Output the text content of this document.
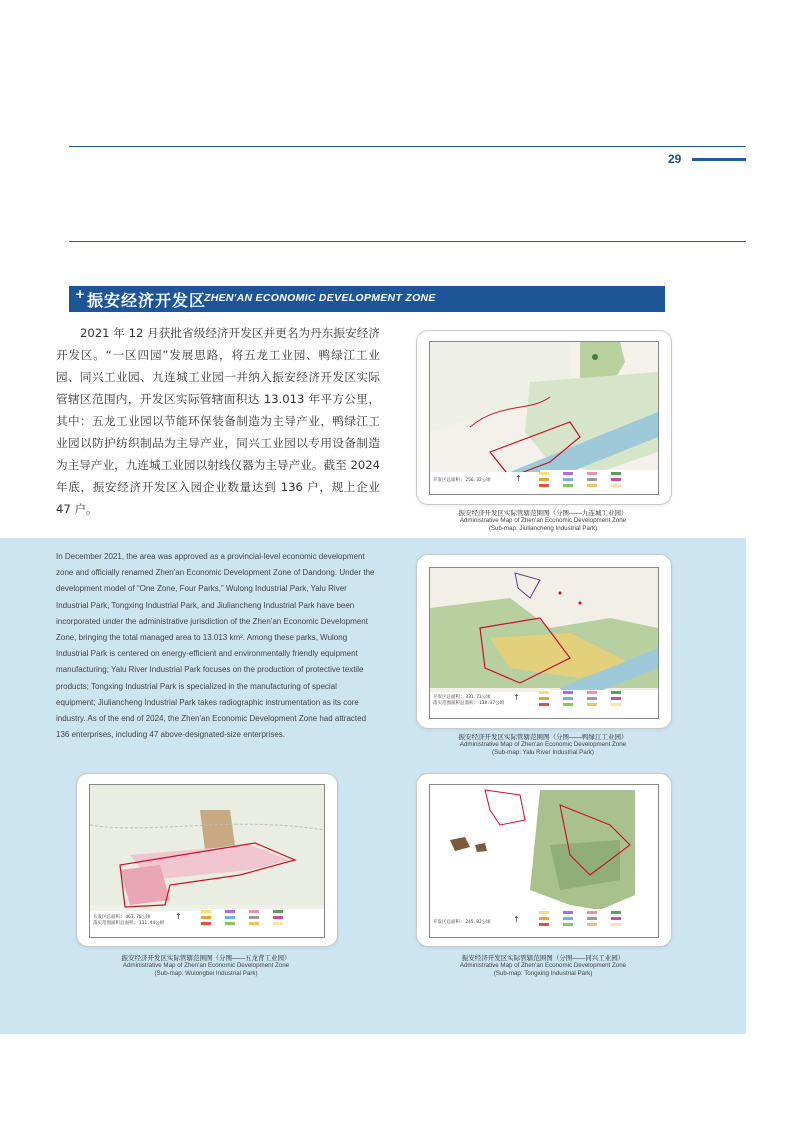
29
+ 振安经济开发区
ZHEN'AN ECONOMIC DEVELOPMENT ZONE

2021 年 12 月获批省级经济开发区并更名为丹东振安经济开发区。“一区四园”发展思路，将五龙工业园、鸭绿江工业园、同兴工业园、九连城工业园一并纳入振安经济开发区实际管辖区范围内，开发区实际管辖面积达 13.013 年平方公里，其中：五龙工业园以节能环保装备制造为主导产业，鸭绿江工业园以防护纺织制品为主导产业，同兴工业园以专用设备制造为主导产业，九连城工业园以射线仪器为主导产业。截至 2024 年底，振安经济开发区入园企业数量达到 136 户，规上企业 47 户。

In December 2021, the area was approved as a provincial-level economic development zone and officially renamed Zhen'an Economic Development Zone of Dandong. Under the development model of “One Zone, Four Parks,” Wulong Industrial Park, Yalu River Industrial Park, Tongxing Industrial Park, and Jiuliancheng Industrial Park have been incorporated under the administrative jurisdiction of the Zhen'an Economic Development Zone, bringing the total managed area to 13.013 km². Among these parks, Wulong Industrial Park is centered on energy-efficient and environmentally friendly equipment manufacturing; Yalu River Industrial Park focuses on the production of protective textile products; Tongxing Industrial Park is specialized in the manufacturing of special equipment; Jiuliancheng Industrial Park takes radiographic instrumentation as its core industry. As of the end of 2024, the Zhen'an Economic Development Zone had attracted 136 enterprises, including 47 above-designated-size enterprises.

开发区总面积: 256.32公顷	↑
振安经济开发区实际管辖范围图（分图——九连城工业园）
Administrative Map of Zhen'an Economic Development Zone
(Sub-map: Jiuliancheng Industrial Park)
开发区总面积: 331.73公顷
落实范围面积总面积: 138.37公顷
↑
振安经济开发区实际管辖范围图（分图——鸭绿江工业园）
Administrative Map of Zhen'an Economic Development Zone
(Sub-map: Yalu River Industrial Park)
开发区总面积: 467.78公顷
落实范围面积总面积: 131.44公顷
↑
振安经济开发区实际管辖范围图（分图——五龙背工业园）
Administrative Map of Zhen'an Economic Development Zone
(Sub-map: Wulongbei Industrial Park)
开发区总面积: 245.82公顷	↑
振安经济开发区实际管辖范围图（分图——同兴工业园）
Administrative Map of Zhen'an Economic Development Zone
(Sub-map: Tongxing Industrial Park)
